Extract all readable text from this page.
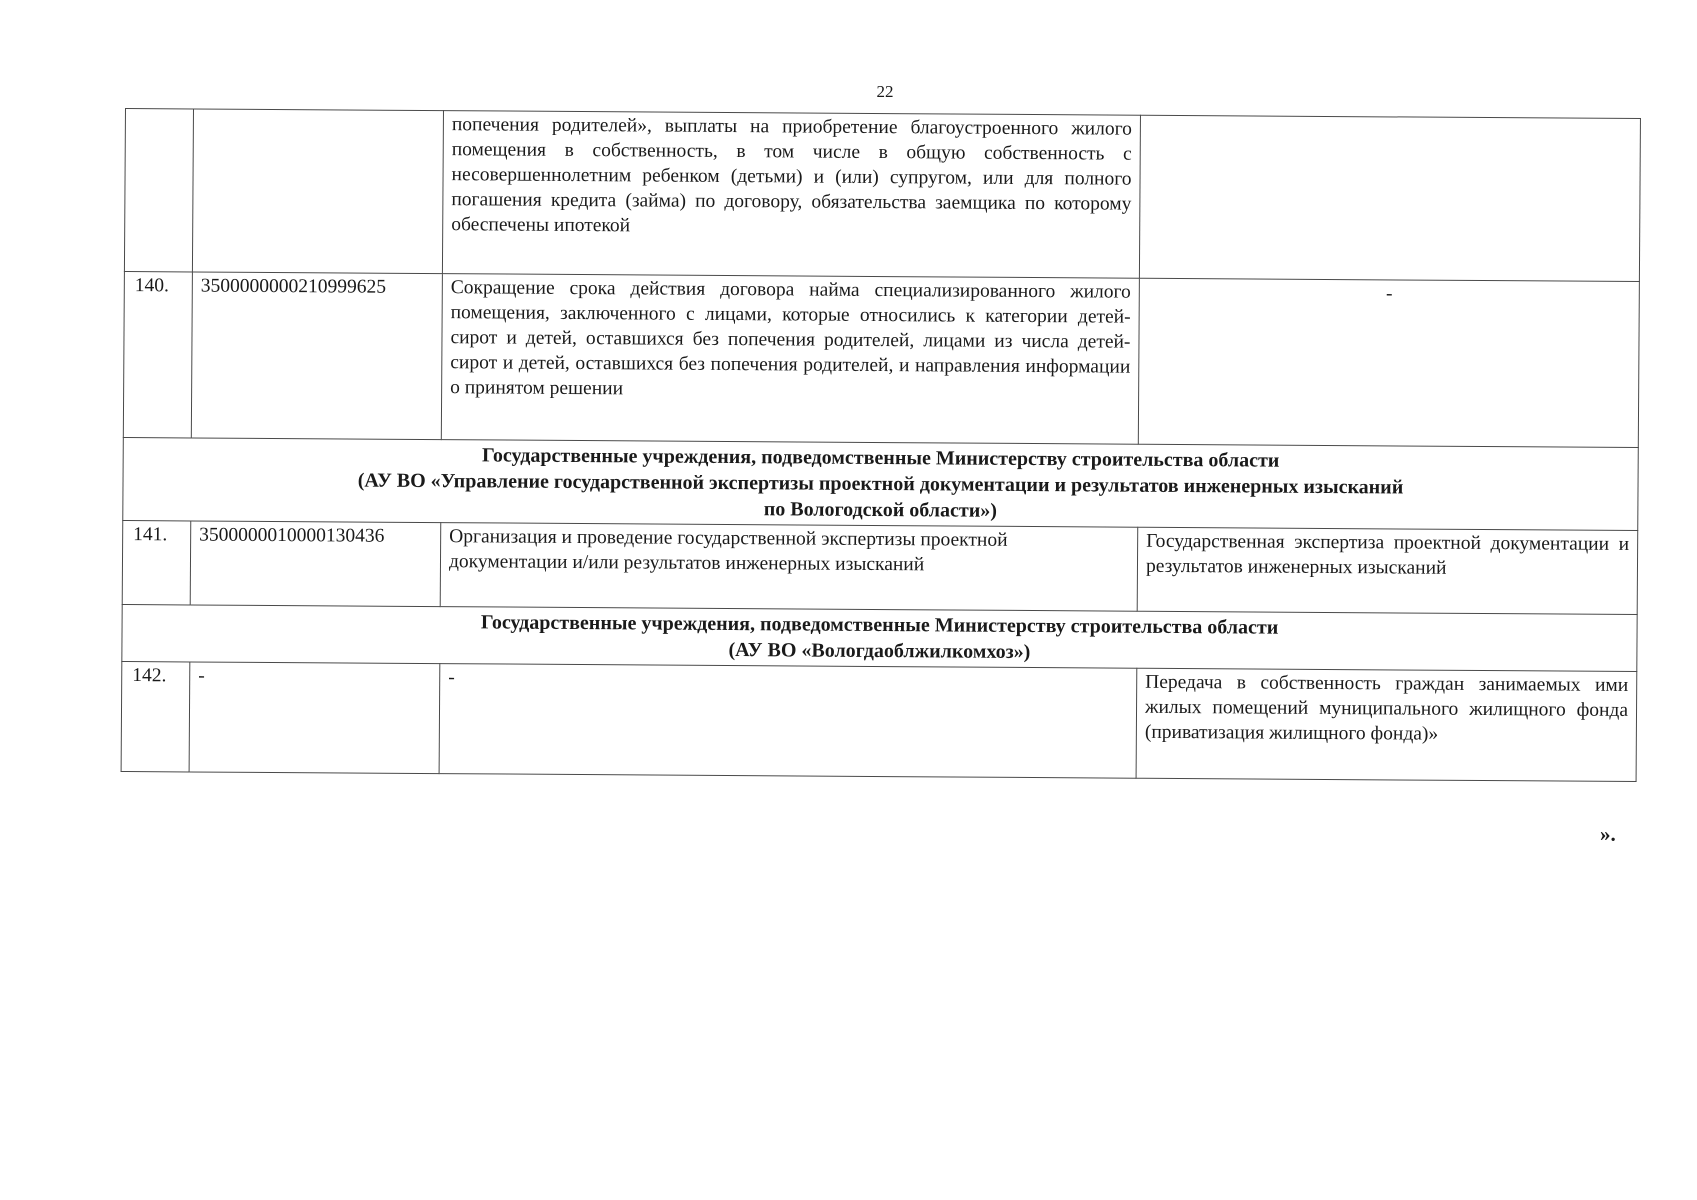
22
		попечения родителей», выплаты на приобретение благоустроенного жилого помещения в собственность, в том числе в общую собственность с несовершеннолетним ребенком (детьми) и (или) супругом, или для полного погашения кредита (займа) по договору, обязательства заемщика по которому обеспечены ипотекой	
140.	3500000000210999625	Сокращение срока действия договора найма специализированного жилого помещения, заключенного с лицами, которые относились к категории детей-сирот и детей, оставшихся без попечения родителей, лицами из числа детей-сирот и детей, оставшихся без попечения родителей, и направления информации о принятом решении	-

Государственные учреждения, подведомственные Министерству строительства области
(АУ ВО «Управление государственной экспертизы проектной документации и результатов инженерных изысканий
по Вологодской области»)			

141.	3500000010000130436	Организация и проведение государственной экспертизы проектной документации и/или результатов инженерных изысканий	Государственная экспертиза проектной документации и результатов инженерных изысканий

Государственные учреждения, подведомственные Министерству строительства области
(АУ ВО «Вологдаоблжилкомхоз»)			

142.	-	-	Передача в собственность граждан занимаемых ими жилых помещений муниципального жилищного фонда (приватизация жилищного фонда)»
».
